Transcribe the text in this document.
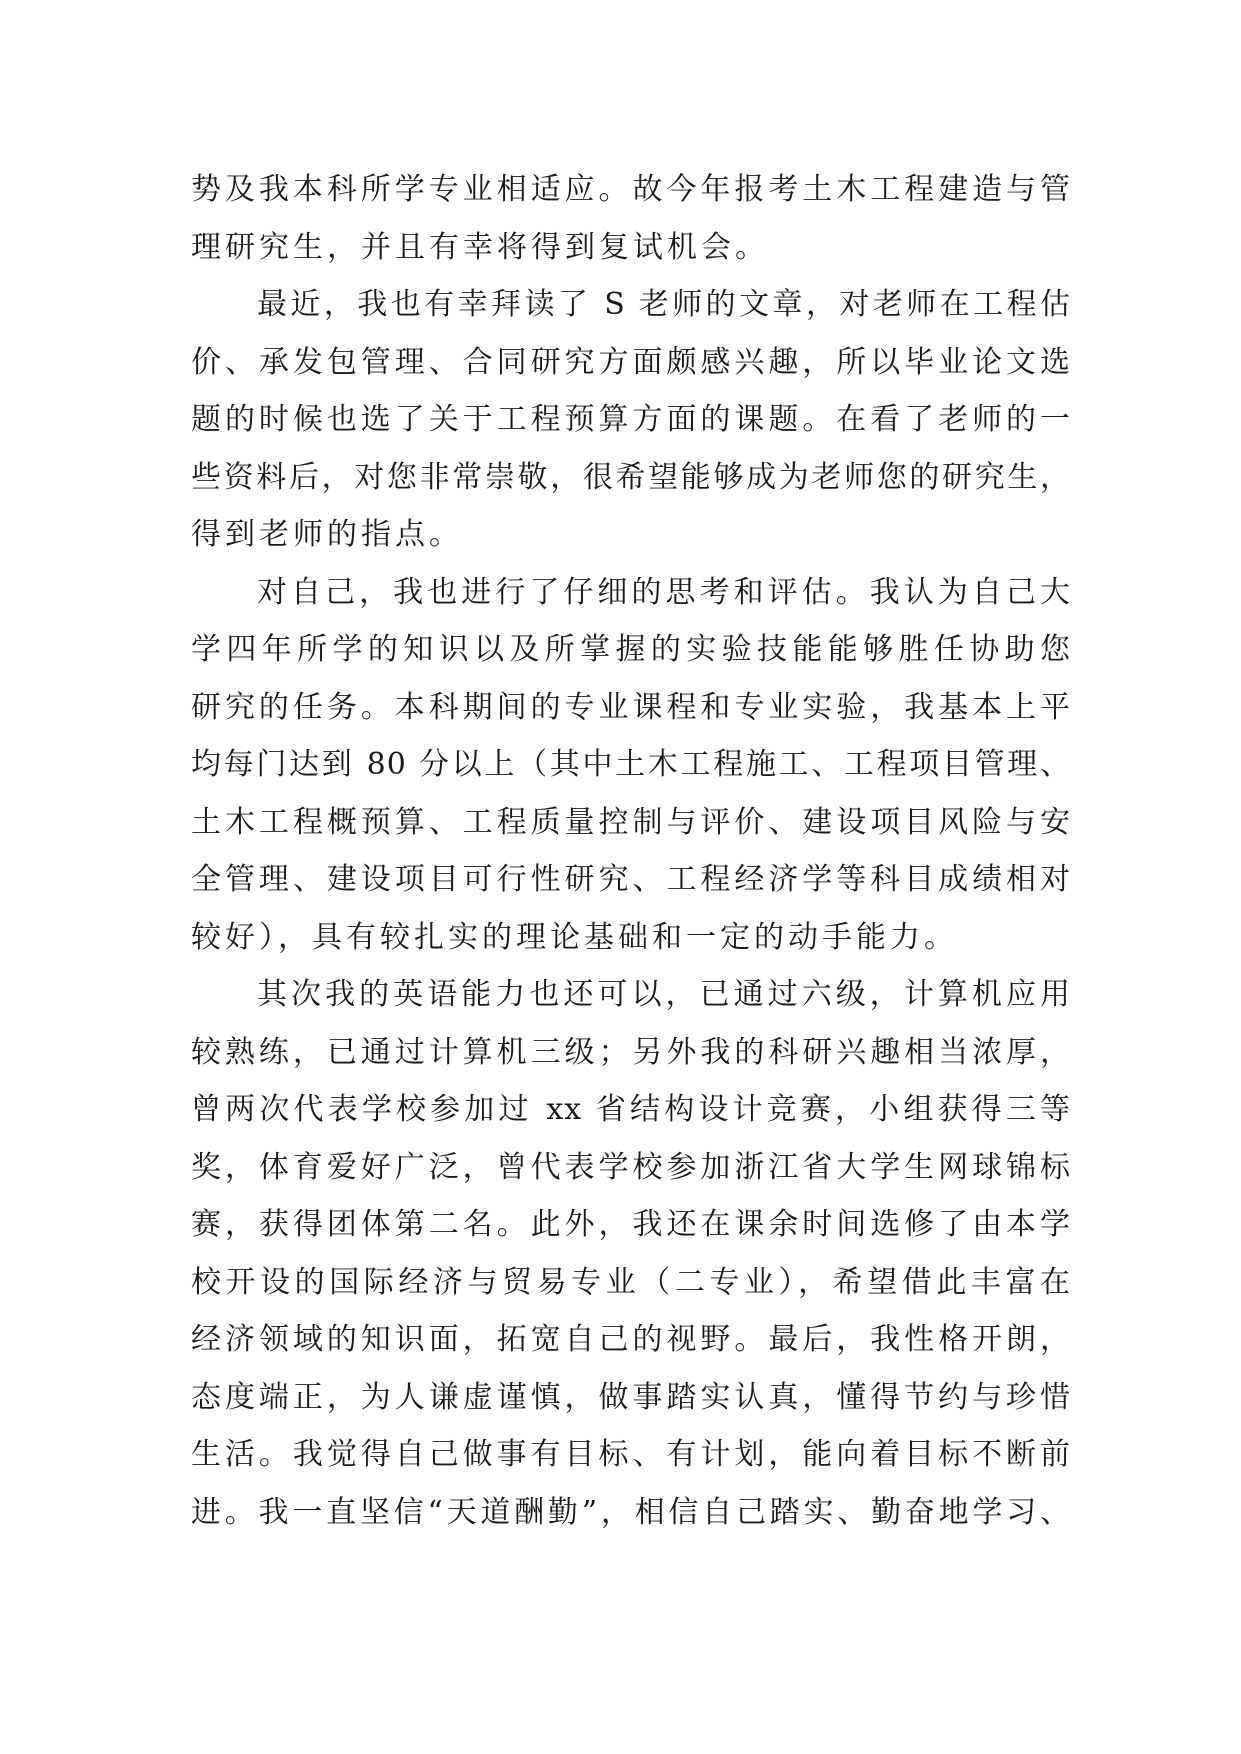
势及我本科所学专业相适应。故今年报考土木工程建造与管
理研究生，并且有幸将得到复试机会。
最近，我也有幸拜读了 S 老师的文章，对老师在工程估
价、承发包管理、合同研究方面颇感兴趣，所以毕业论文选
题的时候也选了关于工程预算方面的课题。在看了老师的一
些资料后，对您非常崇敬，很希望能够成为老师您的研究生，
得到老师的指点。
对自己，我也进行了仔细的思考和评估。我认为自己大
学四年所学的知识以及所掌握的实验技能能够胜任协助您
研究的任务。本科期间的专业课程和专业实验，我基本上平
均每门达到 80 分以上（其中土木工程施工、工程项目管理、
土木工程概预算、工程质量控制与评价、建设项目风险与安
全管理、建设项目可行性研究、工程经济学等科目成绩相对
较好），具有较扎实的理论基础和一定的动手能力。
其次我的英语能力也还可以，已通过六级，计算机应用
较熟练，已通过计算机三级；另外我的科研兴趣相当浓厚，
曾两次代表学校参加过 xx 省结构设计竞赛，小组获得三等
奖，体育爱好广泛，曾代表学校参加浙江省大学生网球锦标
赛，获得团体第二名。此外，我还在课余时间选修了由本学
校开设的国际经济与贸易专业（二专业），希望借此丰富在
经济领域的知识面，拓宽自己的视野。最后，我性格开朗，
态度端正，为人谦虚谨慎，做事踏实认真，懂得节约与珍惜
生活。我觉得自己做事有目标、有计划，能向着目标不断前
进。我一直坚信“天道酬勤”，相信自己踏实、勤奋地学习、
